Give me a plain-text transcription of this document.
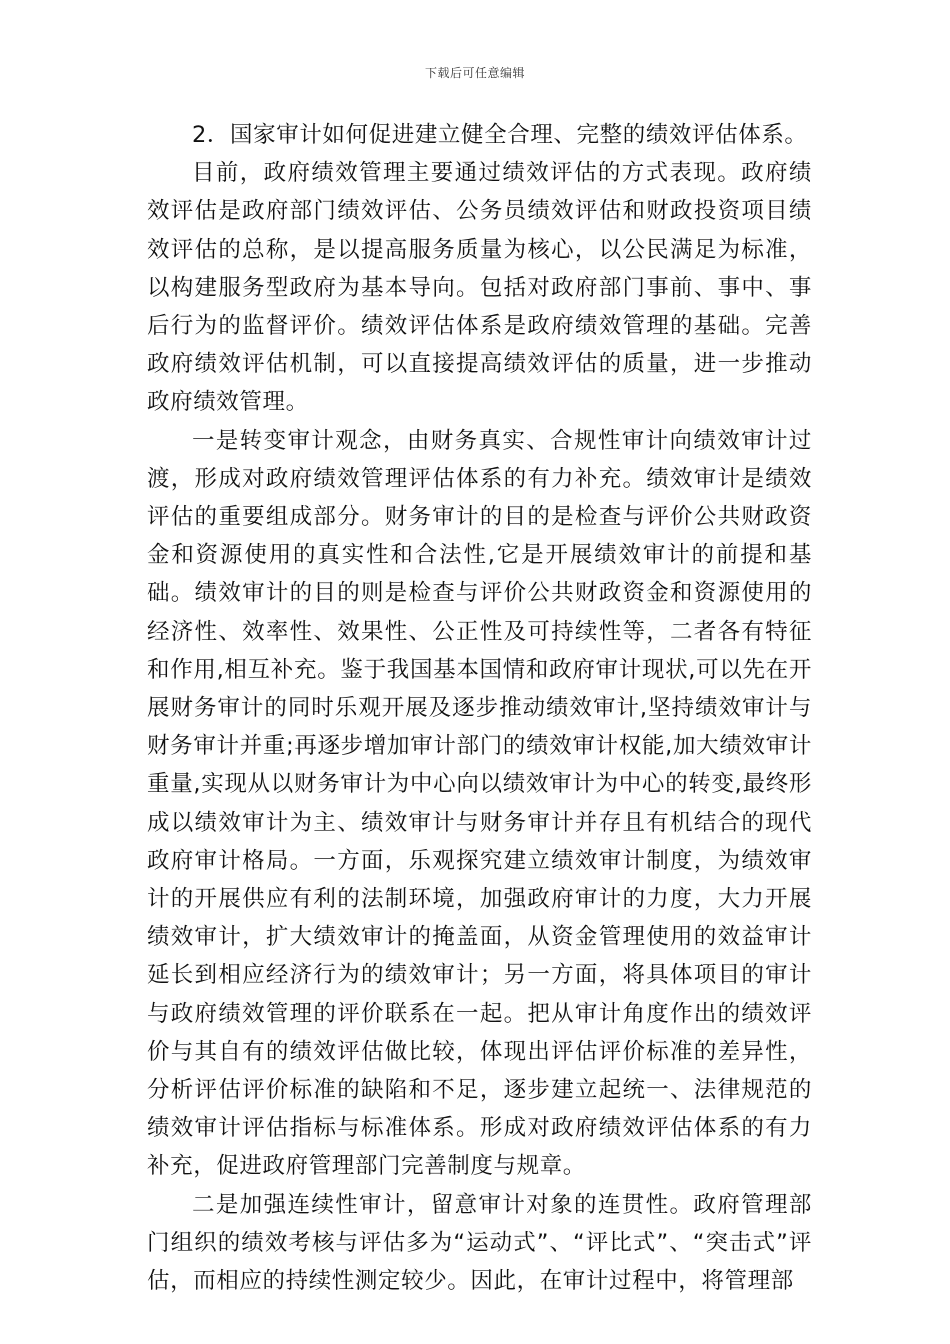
下载后可任意编辑

2．国家审计如何促进建立健全合理、完整的绩效评估体系。

目前，政府绩效管理主要通过绩效评估的方式表现。政府绩效评估是政府部门绩效评估、公务员绩效评估和财政投资项目绩效评估的总称，是以提高服务质量为核心，以公民满足为标准，以构建服务型政府为基本导向。包括对政府部门事前、事中、事后行为的监督评价。绩效评估体系是政府绩效管理的基础。完善政府绩效评估机制，可以直接提高绩效评估的质量，进一步推动政府绩效管理。

一是转变审计观念，由财务真实、合规性审计向绩效审计过渡，形成对政府绩效管理评估体系的有力补充。绩效审计是绩效评估的重要组成部分。财务审计的目的是检查与评价公共财政资金和资源使用的真实性和合法性,它是开展绩效审计的前提和基础。绩效审计的目的则是检查与评价公共财政资金和资源使用的经济性、效率性、效果性、公正性及可持续性等，二者各有特征和作用,相互补充。鉴于我国基本国情和政府审计现状,可以先在开展财务审计的同时乐观开展及逐步推动绩效审计,坚持绩效审计与财务审计并重;再逐步增加审计部门的绩效审计权能,加大绩效审计重量,实现从以财务审计为中心向以绩效审计为中心的转变,最终形成以绩效审计为主、绩效审计与财务审计并存且有机结合的现代政府审计格局。一方面，乐观探究建立绩效审计制度，为绩效审计的开展供应有利的法制环境，加强政府审计的力度，大力开展绩效审计，扩大绩效审计的掩盖面，从资金管理使用的效益审计延长到相应经济行为的绩效审计；另一方面，将具体项目的审计与政府绩效管理的评价联系在一起。把从审计角度作出的绩效评价与其自有的绩效评估做比较，体现出评估评价标准的差异性，分析评估评价标准的缺陷和不足，逐步建立起统一、法律规范的绩效审计评估指标与标准体系。形成对政府绩效评估体系的有力补充，促进政府管理部门完善制度与规章。

二是加强连续性审计，留意审计对象的连贯性。政府管理部门组织的绩效考核与评估多为“运动式”、“评比式”、“突击式”评估，而相应的持续性测定较少。因此，在审计过程中，将管理部
